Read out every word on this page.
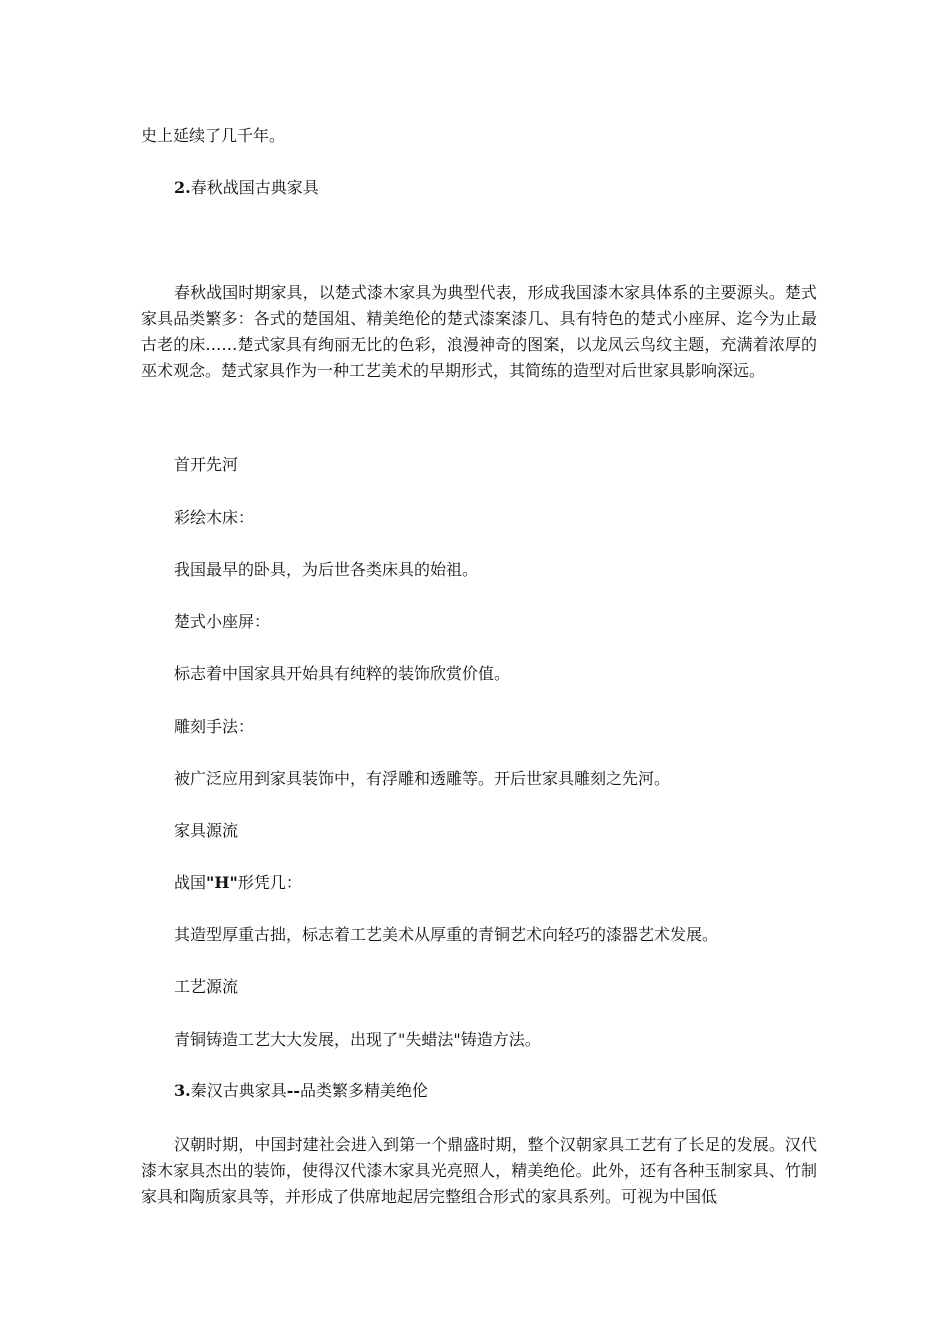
史上延续了几千年。
2.春秋战国古典家具
春秋战国时期家具，以楚式漆木家具为典型代表，形成我国漆木家具体系的主要源头。楚式家具品类繁多：各式的楚国俎、精美绝伦的楚式漆案漆几、具有特色的楚式小座屏、迄今为止最古老的床……楚式家具有绚丽无比的色彩，浪漫神奇的图案，以龙凤云鸟纹主题，充满着浓厚的巫术观念。楚式家具作为一种工艺美术的早期形式，其简练的造型对后世家具影响深远。
首开先河
彩绘木床：
我国最早的卧具，为后世各类床具的始祖。
楚式小座屏：
标志着中国家具开始具有纯粹的装饰欣赏价值。
雕刻手法：
被广泛应用到家具装饰中，有浮雕和透雕等。开后世家具雕刻之先河。
家具源流
战国"H"形凭几：
其造型厚重古拙，标志着工艺美术从厚重的青铜艺术向轻巧的漆器艺术发展。
工艺源流
青铜铸造工艺大大发展，出现了"失蜡法"铸造方法。
3.秦汉古典家具--品类繁多精美绝伦
汉朝时期，中国封建社会进入到第一个鼎盛时期，整个汉朝家具工艺有了长足的发展。汉代漆木家具杰出的装饰，使得汉代漆木家具光亮照人，精美绝伦。此外，还有各种玉制家具、竹制家具和陶质家具等，并形成了供席地起居完整组合形式的家具系列。可视为中国低
